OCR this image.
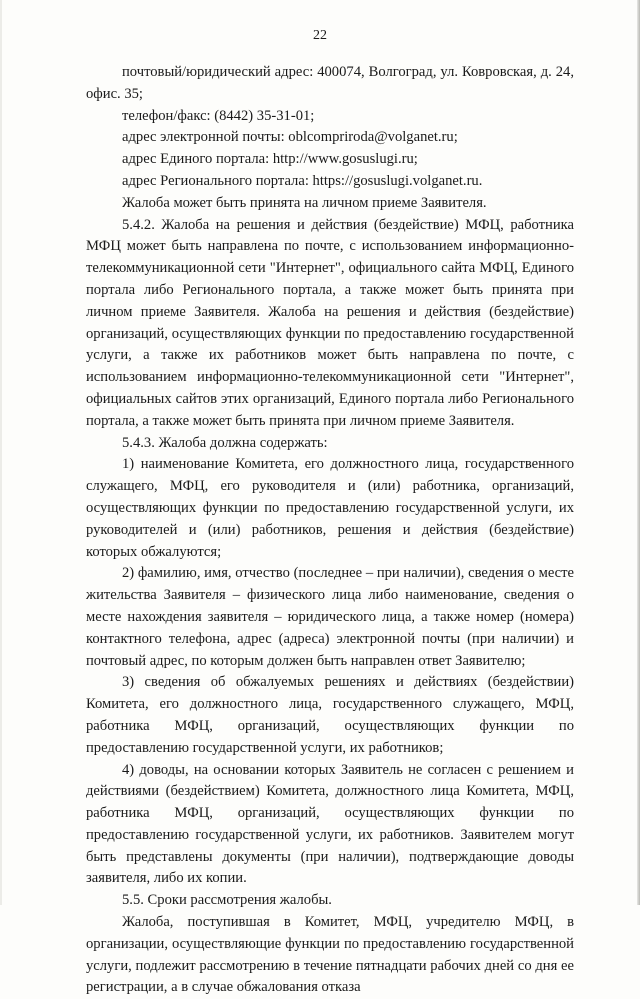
22

почтовый/юридический адрес: 400074, Волгоград, ул. Ковровская, д. 24, офис. 35;

телефон/факс: (8442) 35-31-01;

адрес электронной почты: oblcomprirodа@volganet.ru;

адрес Единого портала: http://www.gosuslugi.ru;

адрес Регионального портала: https://gosuslugi.volganet.ru.

Жалоба может быть принята на личном приеме Заявителя.

5.4.2. Жалоба на решения и действия (бездействие) МФЦ, работника МФЦ может быть направлена по почте, с использованием информационно-телекоммуникационной сети "Интернет", официального сайта МФЦ, Единого портала либо Регионального портала, а также может быть принята при личном приеме Заявителя. Жалоба на решения и действия (бездействие) организаций, осуществляющих функции по предоставлению государственной услуги, а также их работников может быть направлена по почте, с использованием информационно-телекоммуникационной сети "Интернет", официальных сайтов этих организаций, Единого портала либо Регионального портала, а также может быть принята при личном приеме Заявителя.

5.4.3. Жалоба должна содержать:

1) наименование Комитета, его должностного лица, государственного служащего, МФЦ, его руководителя и (или) работника, организаций, осуществляющих функции по предоставлению государственной услуги, их руководителей и (или) работников, решения и действия (бездействие) которых обжалуются;

2) фамилию, имя, отчество (последнее – при наличии), сведения о месте жительства Заявителя – физического лица либо наименование, сведения о месте нахождения заявителя – юридического лица, а также номер (номера) контактного телефона, адрес (адреса) электронной почты (при наличии) и почтовый адрес, по которым должен быть направлен ответ Заявителю;

3) сведения об обжалуемых решениях и действиях (бездействии) Комитета, его должностного лица, государственного служащего, МФЦ, работника МФЦ, организаций, осуществляющих функции по предоставлению государственной услуги, их работников;

4) доводы, на основании которых Заявитель не согласен с решением и действиями (бездействием) Комитета, должностного лица Комитета, МФЦ, работника МФЦ, организаций, осуществляющих функции по предоставлению государственной услуги, их работников. Заявителем могут быть представлены документы (при наличии), подтверждающие доводы заявителя, либо их копии.

5.5. Сроки рассмотрения жалобы.

Жалоба, поступившая в Комитет, МФЦ, учредителю МФЦ, в организации, осуществляющие функции по предоставлению государственной услуги, подлежит рассмотрению в течение пятнадцати рабочих дней со дня ее регистрации, а в случае обжалования отказа
